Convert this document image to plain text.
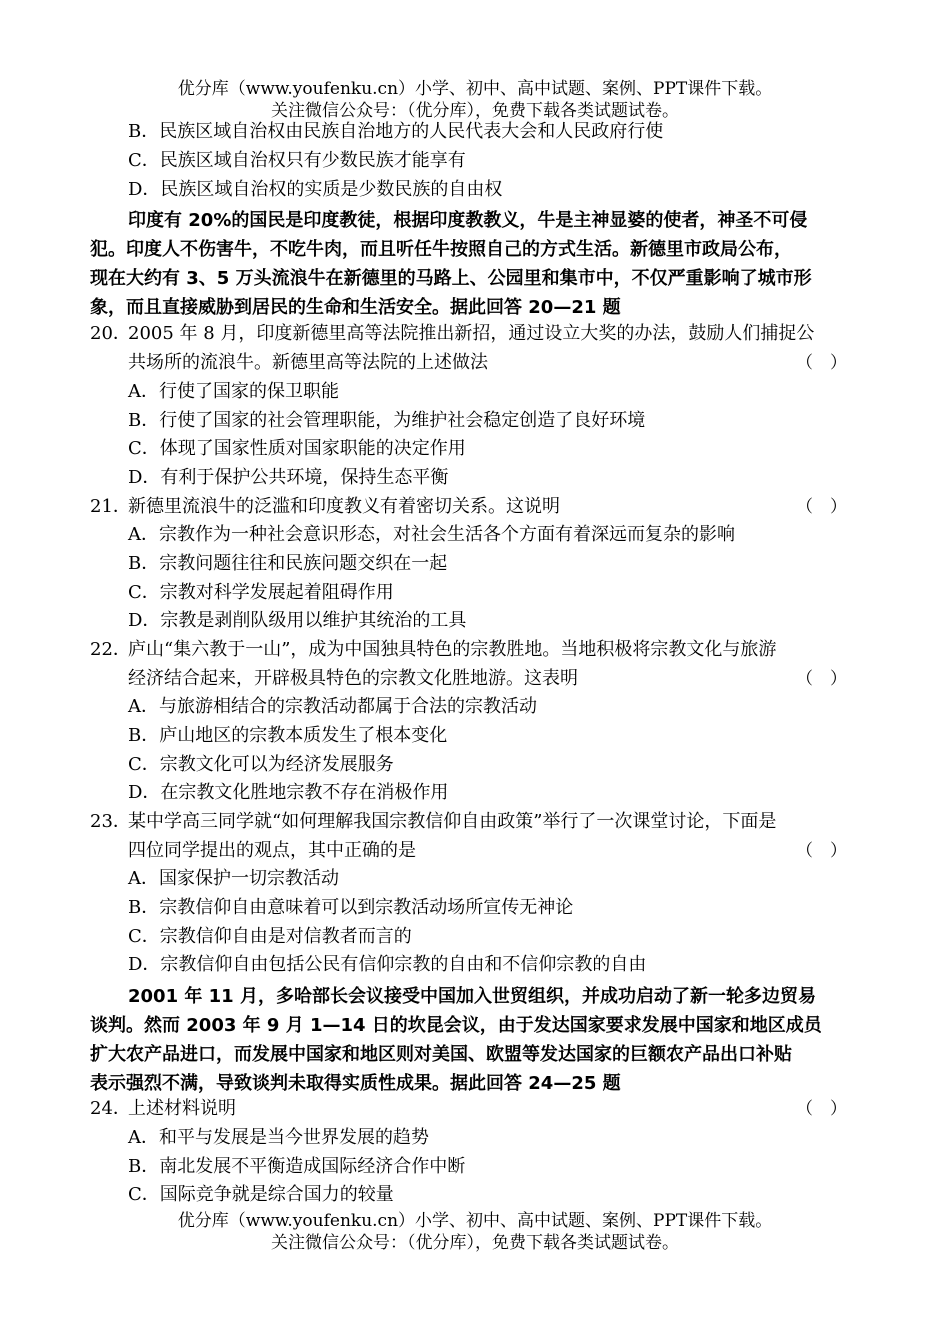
优分库（www.youfenku.cn）小学、初中、高中试题、案例、PPT课件下载。
关注微信公众号：（优分库），免费下载各类试题试卷。
B．民族区域自治权由民族自治地方的人民代表大会和人民政府行使
C．民族区域自治权只有少数民族才能享有
D．民族区域自治权的实质是少数民族的自由权
印度有 20%的国民是印度教徒，根据印度教教义，牛是主神显婆的使者，神圣不可侵
犯。印度人不伤害牛，不吃牛肉，而且听任牛按照自己的方式生活。新德里市政局公布，
现在大约有 3、5 万头流浪牛在新德里的马路上、公园里和集市中，不仅严重影响了城市形
象，而且直接威胁到居民的生命和生活安全。据此回答 20—21 题
20．
2005 年 8 月，印度新德里高等法院推出新招，通过设立大奖的办法，鼓励人们捕捉公
共场所的流浪牛。新德里高等法院的上述做法	（　）
A．行使了国家的保卫职能
B．行使了国家的社会管理职能，为维护社会稳定创造了良好环境
C．体现了国家性质对国家职能的决定作用
D．有利于保护公共环境，保持生态平衡
21．
新德里流浪牛的泛滥和印度教义有着密切关系。这说明	（　）
A．宗教作为一种社会意识形态，对社会生活各个方面有着深远而复杂的影响
B．宗教问题往往和民族问题交织在一起
C．宗教对科学发展起着阻碍作用
D．宗教是剥削队级用以维护其统治的工具
22．
庐山“集六教于一山”，成为中国独具特色的宗教胜地。当地积极将宗教文化与旅游
经济结合起来，开辟极具特色的宗教文化胜地游。这表明	（　）
A．与旅游相结合的宗教活动都属于合法的宗教活动
B．庐山地区的宗教本质发生了根本变化
C．宗教文化可以为经济发展服务
D．在宗教文化胜地宗教不存在消极作用
23．
某中学高三同学就“如何理解我国宗教信仰自由政策”举行了一次课堂讨论，下面是
四位同学提出的观点，其中正确的是	（　）
A．国家保护一切宗教活动
B．宗教信仰自由意味着可以到宗教活动场所宣传无神论
C．宗教信仰自由是对信教者而言的
D．宗教信仰自由包括公民有信仰宗教的自由和不信仰宗教的自由
2001 年 11 月，多哈部长会议接受中国加入世贸组织，并成功启动了新一轮多边贸易
谈判。然而 2003 年 9 月 1—14 日的坎昆会议，由于发达国家要求发展中国家和地区成员
扩大农产品进口，而发展中国家和地区则对美国、欧盟等发达国家的巨额农产品出口补贴
表示强烈不满，导致谈判未取得实质性成果。据此回答 24—25 题
24．
上述材料说明	（　）
A．和平与发展是当今世界发展的趋势
B．南北发展不平衡造成国际经济合作中断
C．国际竞争就是综合国力的较量
优分库（www.youfenku.cn）小学、初中、高中试题、案例、PPT课件下载。
关注微信公众号：（优分库），免费下载各类试题试卷。
